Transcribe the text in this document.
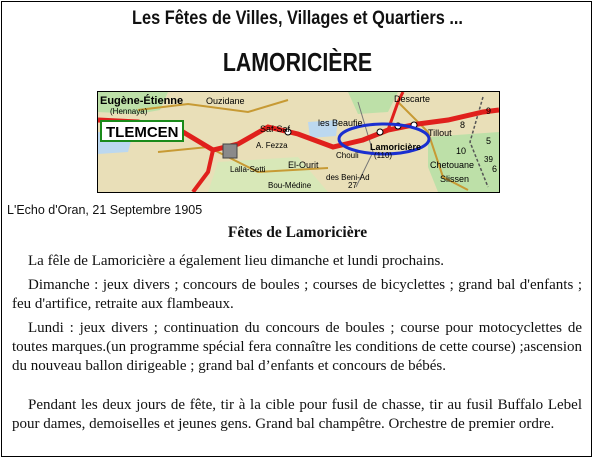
Les Fêtes de Villes, Villages et Quartiers ...
LAMORICIÈRE
Eugène-Étienne
(Hennaya)
TLEMCEN
Ouzidane
Saf-Saf
A. Fezza
Lalla-Setti
les Beaufie
Lamoricière
Chouli (110)
El-Ourit
des Beni-Ad
Bou-Médine
Descarte
Tillout
Chetouane
Slissen
9
8
10
5
6
27
39
L'Echo d'Oran, 21 Septembre 1905
Fêtes de Lamoricière
La fêle de Lamoricière a également lieu dimanche et lundi prochains.
Dimanche : jeux divers ; concours de boules ; courses de bicyclettes ; grand bal d'enfants ; feu d'artifice, retraite aux flambeaux.
Lundi : jeux divers ; continuation du concours de boules ; course pour motocyclettes de toutes marques.(un programme spécial fera connaître les conditions de cette course) ;ascension du nouveau ballon dirigeable ; grand bal d’enfants et concours de bébés.
Pendant les deux jours de fête, tir à la cible pour fusil de chasse, tir au fusil Buffalo Lebel pour dames, demoiselles et jeunes gens. Grand bal champêtre. Orchestre de premier ordre.
